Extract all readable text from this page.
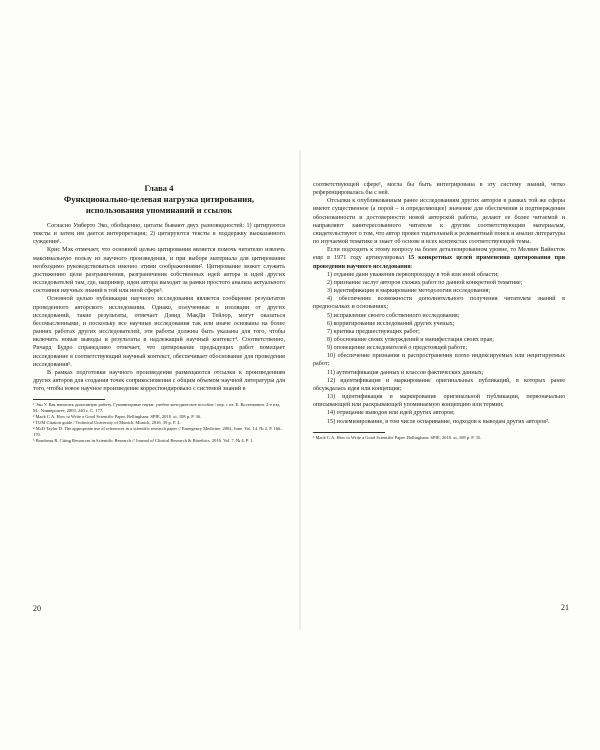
Глава 4
Функционально-целевая нагрузка цитирования,
использования упоминаний и ссылок

Согласно Умберто Эко, обобщенно, цитаты бывают двух разновидностей: 1) цитируются тексты и затем им дается интерпретация; 2) цитируются тексты в поддержку высказанного суждения¹.

Крис Мэк отмечает, что основной целью цитирования является помочь читателю извлечь максимальную пользу из научного произведения, и при выборе материала для цитирования необходимо руководствоваться именно этими соображениями². Цитирование может служить достижению цели разграничения, разграничения собственных идей автора и идей других исследователей там, где, например, идеи автора выходят за рамки простого анализа актуального состояния научных знаний в той или иной сфере³.

Основной целью публикации научного исследования является сообщение результатов проведенного авторского исследования. Однако, полученные в изоляции от других исследований, такие результаты, отмечает Дэвид МакДи Тейлор, могут оказаться бессмысленными, и поскольку все научные исследования так или иначе основаны на более ранних работах других исследователей, эти работы должны быть указаны для того, чтобы включить новые выводы и результаты в надлежащий научный контекст⁴. Соответственно, Ричард Будро справедливо отмечает, что цитирование предыдущих работ помещает исследование в соответствующий научный контекст, обеспечивает обоснование для проведения исследования⁵.

В рамках подготовки научного произведения размещаются отсылки к произведениям других авторов для создания точек соприкосновения с общим объемом научной литературы для того, чтобы новое научное произведение корреспондировало с системой знаний в

¹ Эко У. Как написать дипломную работу. Гуманитарные науки: учебно-методическое пособие / пер. с ит. Е. Костюкович. 2-е изд. М.: Университет, 2003. 240 с. С. 177.
² Mack C.A. How to Write a Good Scientific Paper. Bellingham: SPIE, 2018. xi, 108 p. P. 36.
³ TUM Citation guide / Technical University of Munich. Munich, 2016. 39 p. P. 4.
⁴ McD Taylor D. The appropriate use of references in a scientific research paper // Emergency Medicine. 2002, June. Vol. 14. № 2. P. 166–170.
⁵ Boudreau R. Citing Resources in Scientific Research // Journal of Clinical Research & Bioethics. 2016. Vol. 7. № 4. P. 1.
20

соответствующей сфере¹, могла бы быть интегрирована в эту систему знаний, четко референцировалась бы с ней.

Отсылки к опубликованным ранее исследованиям других авторов в рамках той же сферы имеют существенное (а порой – и определяющее) значение для обеспечения и подтверждения обоснованности и достоверности новой авторской работы, делают ее более читаемой и направляют заинтересованного читателя к другим соответствующим материалам, свидетельствуют о том, что автор провел тщательный и релевантный поиск и анализ литературы по изучаемой тематике и знает об основе и всех контекстах соответствующей темы.

Если подходить к этому вопросу на более детализированном уровне, то Мелвин Вайнсток еще в 1971 году артикулировал 15 конкретных целей применения цитирования при проведении научного исследования:

1) отдание дани уважения первопроходцу в той или иной области;
2) признание заслуг авторов схожих работ по данной конкретной тематике;
3) идентификация и маркирование методологии исследования;
4) обеспечение возможности дополнительного получения читателем знаний в предпосылках и основаниях;
5) исправление своего собственного исследования;
6) корригирование исследований других ученых;
7) критика предшествующих работ;
8) обоснование своих утверждений и манифестация своих прав;
9) оповещение исследователей о предстоящей работе;
10) обеспечение признания и распространения плохо индексируемых или нецитируемых работ;
11) аутентификация данных и классов фактических данных;
12) идентификация и маркирование оригинальных публикаций, в которых ранее обсуждалась идея или концепция;
13) идентификация и маркирование оригинальной публикации, первоначально описывающей или раскрывающей упоминаемую концепцию или термин;
14) отрицание выводов или идей других авторов;
15) полемизирование, в том числе оспаривание, подходов к выводам других авторов².
¹ Mack C.A. How to Write a Good Scientific Paper. Bellingham: SPIE, 2018. xi, 108 p. P. 35.
21
